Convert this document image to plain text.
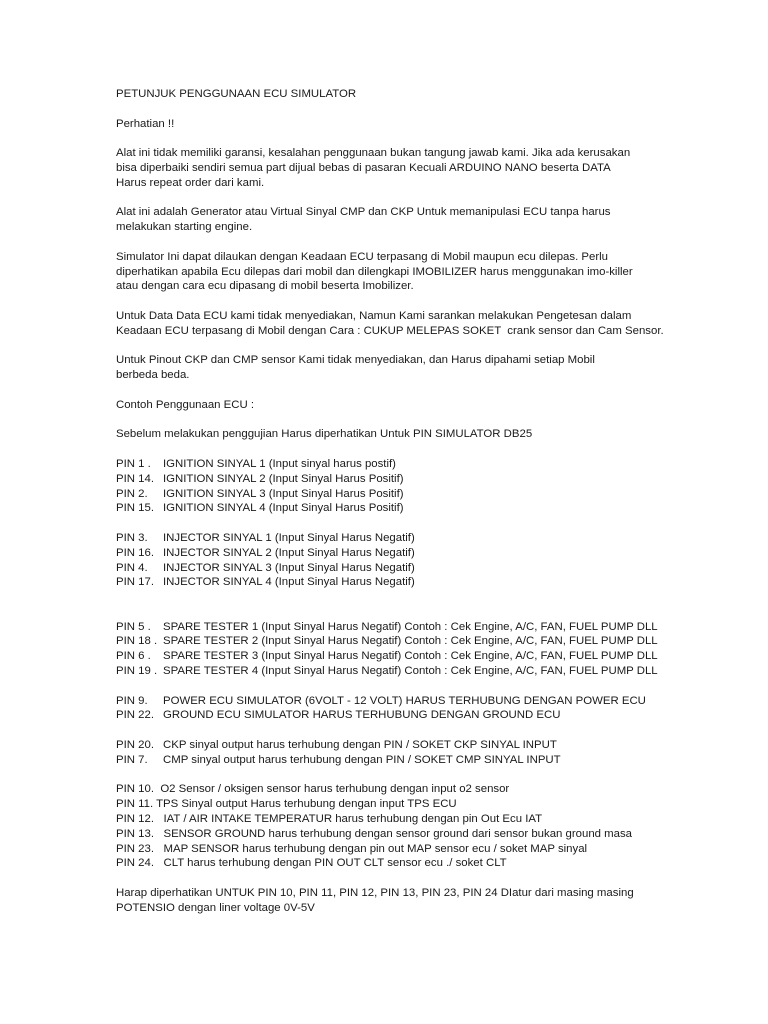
PETUNJUK PENGGUNAAN ECU SIMULATOR

Perhatian !!

Alat ini tidak memiliki garansi, kesalahan penggunaan bukan tangung jawab kami. Jika ada kerusakan

bisa diperbaiki sendiri semua part dijual bebas di pasaran Kecuali ARDUINO NANO beserta DATA

Harus repeat order dari kami.

Alat ini adalah Generator atau Virtual Sinyal CMP dan CKP Untuk memanipulasi ECU tanpa harus

melakukan starting engine.

Simulator Ini dapat dilaukan dengan Keadaan ECU terpasang di Mobil maupun ecu dilepas. Perlu

diperhatikan apabila Ecu dilepas dari mobil dan dilengkapi IMOBILIZER harus menggunakan imo-killer

atau dengan cara ecu dipasang di mobil beserta Imobilizer.

Untuk Data Data ECU kami tidak menyediakan, Namun Kami sarankan melakukan Pengetesan dalam

Keadaan ECU terpasang di Mobil dengan Cara : CUKUP MELEPAS SOKET  crank sensor dan Cam Sensor.

Untuk Pinout CKP dan CMP sensor Kami tidak menyediakan, dan Harus dipahami setiap Mobil

berbeda beda.

Contoh Penggunaan ECU :

Sebelum melakukan penggujian Harus diperhatikan Untuk PIN SIMULATOR DB25

PIN 1 .	IGNITION SINYAL 1 (Input sinyal harus postif)
PIN 14. IGNITION SINYAL 2 (Input Sinyal Harus Positif)
PIN 2.	IGNITION SINYAL 3 (Input Sinyal Harus Positif)
PIN 15. IGNITION SINYAL 4 (Input Sinyal Harus Positif)
PIN 3.	INJECTOR SINYAL 1 (Input Sinyal Harus Negatif)
PIN 16. INJECTOR SINYAL 2 (Input Sinyal Harus Negatif)
PIN 4.	INJECTOR SINYAL 3 (Input Sinyal Harus Negatif)
PIN 17. INJECTOR SINYAL 4 (Input Sinyal Harus Negatif)
PIN 5 .	SPARE TESTER 1 (Input Sinyal Harus Negatif) Contoh : Cek Engine, A/C, FAN, FUEL PUMP DLL
PIN 18 . SPARE TESTER 2 (Input Sinyal Harus Negatif) Contoh : Cek Engine, A/C, FAN, FUEL PUMP DLL
PIN 6 .	SPARE TESTER 3 (Input Sinyal Harus Negatif) Contoh : Cek Engine, A/C, FAN, FUEL PUMP DLL
PIN 19 . SPARE TESTER 4 (Input Sinyal Harus Negatif) Contoh : Cek Engine, A/C, FAN, FUEL PUMP DLL
PIN 9.	POWER ECU SIMULATOR (6VOLT - 12 VOLT) HARUS TERHUBUNG DENGAN POWER ECU
PIN 22. GROUND ECU SIMULATOR HARUS TERHUBUNG DENGAN GROUND ECU
PIN 20. CKP sinyal output harus terhubung dengan PIN / SOKET CKP SINYAL INPUT
PIN 7.	CMP sinyal output harus terhubung dengan PIN / SOKET CMP SINYAL INPUT

PIN 10.  O2 Sensor / oksigen sensor harus terhubung dengan input o2 sensor

PIN 11. TPS Sinyal output Harus terhubung dengan input TPS ECU

PIN 12.   IAT / AIR INTAKE TEMPERATUR harus terhubung dengan pin Out Ecu IAT

PIN 13.   SENSOR GROUND harus terhubung dengan sensor ground dari sensor bukan ground masa

PIN 23.   MAP SENSOR harus terhubung dengan pin out MAP sensor ecu / soket MAP sinyal

PIN 24.   CLT harus terhubung dengan PIN OUT CLT sensor ecu ./ soket CLT

Harap diperhatikan UNTUK PIN 10, PIN 11, PIN 12, PIN 13, PIN 23, PIN 24 DIatur dari masing masing

POTENSIO dengan liner voltage 0V-5V
